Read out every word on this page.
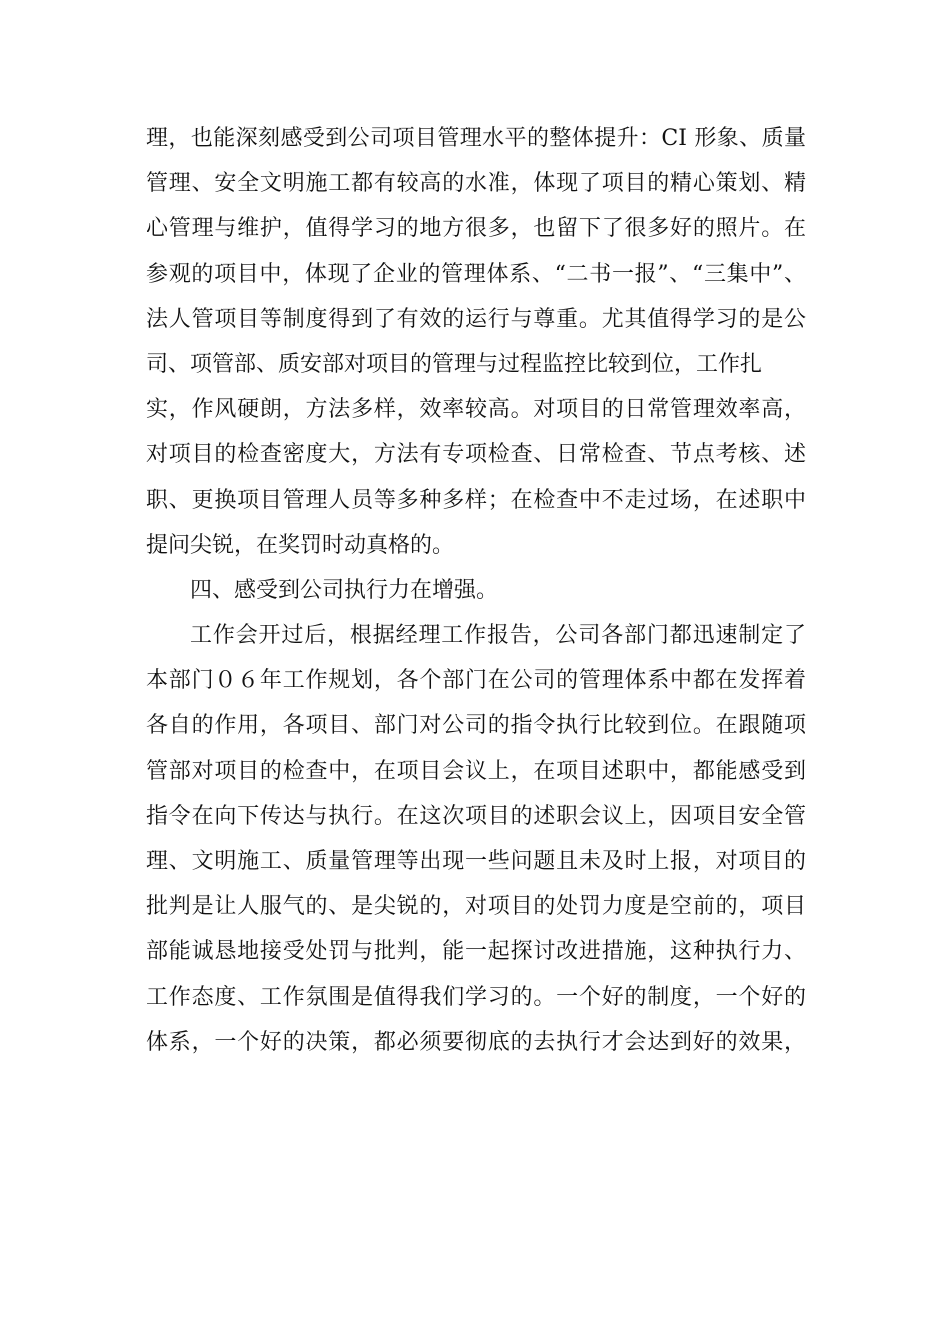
理，也能深刻感受到公司项目管理水平的整体提升：CI 形象、质量
管理、安全文明施工都有较高的水准，体现了项目的精心策划、精
心管理与维护，值得学习的地方很多，也留下了很多好的照片。在
参观的项目中，体现了企业的管理体系、“二书一报”、“三集中”、
法人管项目等制度得到了有效的运行与尊重。尤其值得学习的是公
司、项管部、质安部对项目的管理与过程监控比较到位，工作扎
实，作风硬朗，方法多样，效率较高。对项目的日常管理效率高，
对项目的检查密度大，方法有专项检查、日常检查、节点考核、述
职、更换项目管理人员等多种多样；在检查中不走过场，在述职中
提问尖锐，在奖罚时动真格的。
四、感受到公司执行力在增强。
工作会开过后，根据经理工作报告，公司各部门都迅速制定了
本部门０６年工作规划，各个部门在公司的管理体系中都在发挥着
各自的作用，各项目、部门对公司的指令执行比较到位。在跟随项
管部对项目的检查中，在项目会议上，在项目述职中，都能感受到
指令在向下传达与执行。在这次项目的述职会议上，因项目安全管
理、文明施工、质量管理等出现一些问题且未及时上报，对项目的
批判是让人服气的、是尖锐的，对项目的处罚力度是空前的，项目
部能诚恳地接受处罚与批判，能一起探讨改进措施，这种执行力、
工作态度、工作氛围是值得我们学习的。一个好的制度，一个好的
体系，一个好的决策，都必须要彻底的去执行才会达到好的效果，
